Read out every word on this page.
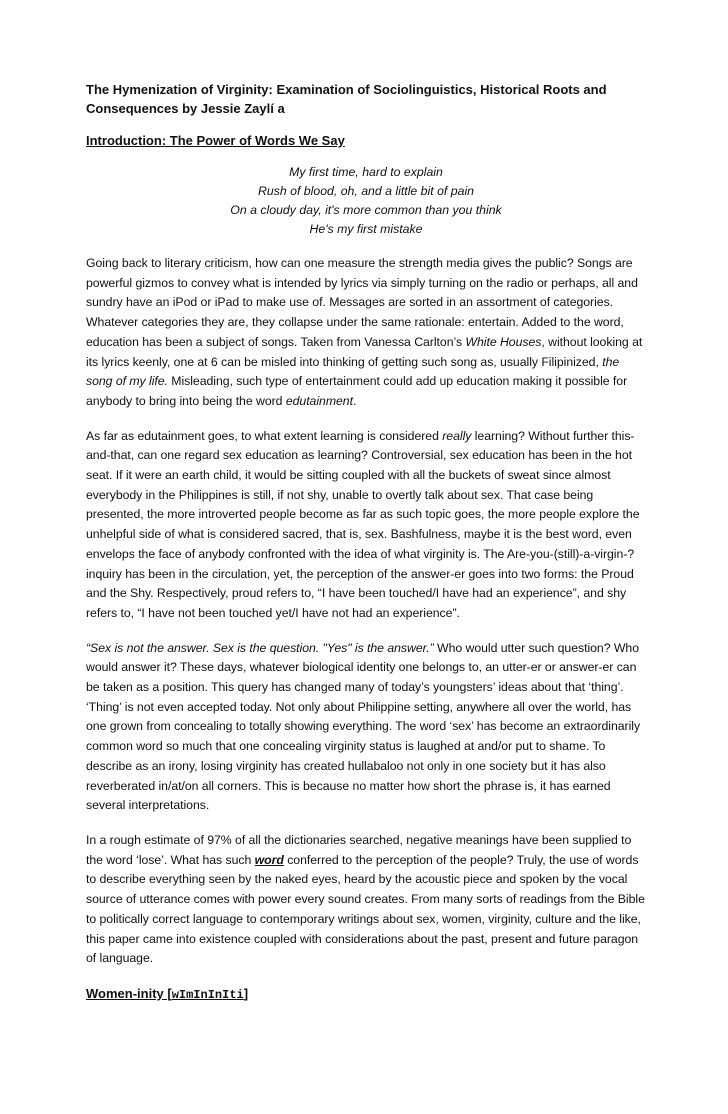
The Hymenization of Virginity: Examination of Sociolinguistics, Historical Roots and
Consequences by Jessie Zaylí a
Introduction: The Power of Words We Say
My first time, hard to explain
Rush of blood, oh, and a little bit of pain
On a cloudy day, it's more common than you think
He's my first mistake

Going back to literary criticism, how can one measure the strength media gives the public? Songs are powerful gizmos to convey what is intended by lyrics via simply turning on the radio or perhaps, all and sundry have an iPod or iPad to make use of. Messages are sorted in an assortment of categories. Whatever categories they are, they collapse under the same rationale: entertain. Added to the word, education has been a subject of songs. Taken from Vanessa Carlton’s White Houses, without looking at its lyrics keenly, one at 6 can be misled into thinking of getting such song as, usually Filipinized, the song of my life. Misleading, such type of entertainment could add up education making it possible for anybody to bring into being the word edutainment.

As far as edutainment goes, to what extent learning is considered really learning? Without further this-and-that, can one regard sex education as learning? Controversial, sex education has been in the hot seat. If it were an earth child, it would be sitting coupled with all the buckets of sweat since almost everybody in the Philippines is still, if not shy, unable to overtly talk about sex. That case being presented, the more introverted people become as far as such topic goes, the more people explore the unhelpful side of what is considered sacred, that is, sex. Bashfulness, maybe it is the best word, even envelops the face of anybody confronted with the idea of what virginity is. The Are-you-(still)-a-virgin-? inquiry has been in the circulation, yet, the perception of the answer-er goes into two forms: the Proud and the Shy. Respectively, proud refers to, “I have been touched/I have had an experience”, and shy refers to, “I have not been touched yet/I have not had an experience”.

“Sex is not the answer. Sex is the question. "Yes" is the answer.” Who would utter such question? Who would answer it? These days, whatever biological identity one belongs to, an utter-er or answer-er can be taken as a position. This query has changed many of today’s youngsters’ ideas about that ‘thing’. ‘Thing’ is not even accepted today. Not only about Philippine setting, anywhere all over the world, has one grown from concealing to totally showing everything. The word ‘sex’ has become an extraordinarily common word so much that one concealing virginity status is laughed at and/or put to shame. To describe as an irony, losing virginity has created hullabaloo not only in one society but it has also reverberated in/at/on all corners. This is because no matter how short the phrase is, it has earned several interpretations.

In a rough estimate of 97% of all the dictionaries searched, negative meanings have been supplied to the word ‘lose’. What has such word conferred to the perception of the people? Truly, the use of words to describe everything seen by the naked eyes, heard by the acoustic piece and spoken by the vocal source of utterance comes with power every sound creates. From many sorts of readings from the Bible to politically correct language to contemporary writings about sex, women, virginity, culture and the like, this paper came into existence coupled with considerations about the past, present and future paragon of language.

Women-inity [wImInInIti]
